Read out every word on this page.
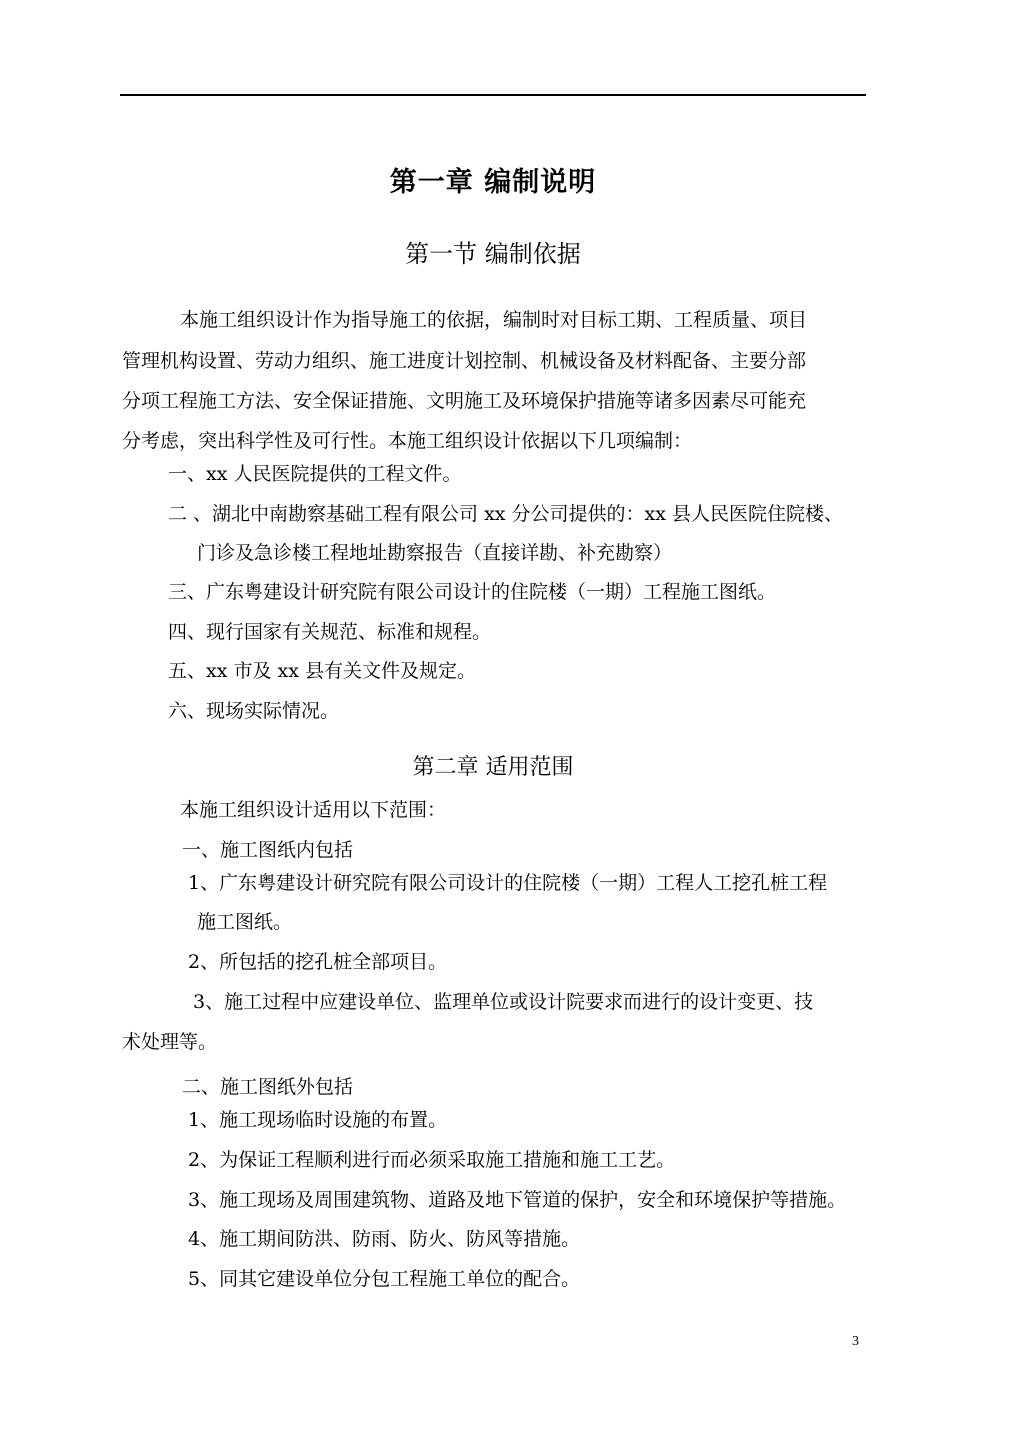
第一章 编制说明
第一节 编制依据
本施工组织设计作为指导施工的依据，编制时对目标工期、工程质量、项目
管理机构设置、劳动力组织、施工进度计划控制、机械设备及材料配备、主要分部
分项工程施工方法、安全保证措施、文明施工及环境保护措施等诸多因素尽可能充
分考虑，突出科学性及可行性。本施工组织设计依据以下几项编制：
一、xx 人民医院提供的工程文件。
二 、湖北中南勘察基础工程有限公司 xx 分公司提供的：xx 县人民医院住院楼、
门诊及急诊楼工程地址勘察报告（直接详勘、补充勘察）
三、广东粤建设计研究院有限公司设计的住院楼（一期）工程施工图纸。
四、现行国家有关规范、标准和规程。
五、xx 市及 xx 县有关文件及规定。
六、现场实际情况。
第二章 适用范围
本施工组织设计适用以下范围：
一、施工图纸内包括
1、广东粤建设计研究院有限公司设计的住院楼（一期）工程人工挖孔桩工程
施工图纸。
2、所包括的挖孔桩全部项目。
3、施工过程中应建设单位、监理单位或设计院要求而进行的设计变更、技
术处理等。
二、施工图纸外包括
1、施工现场临时设施的布置。
2、为保证工程顺利进行而必须采取施工措施和施工工艺。
3、施工现场及周围建筑物、道路及地下管道的保护，安全和环境保护等措施。
4、施工期间防洪、防雨、防火、防风等措施。
5、同其它建设单位分包工程施工单位的配合。
3
